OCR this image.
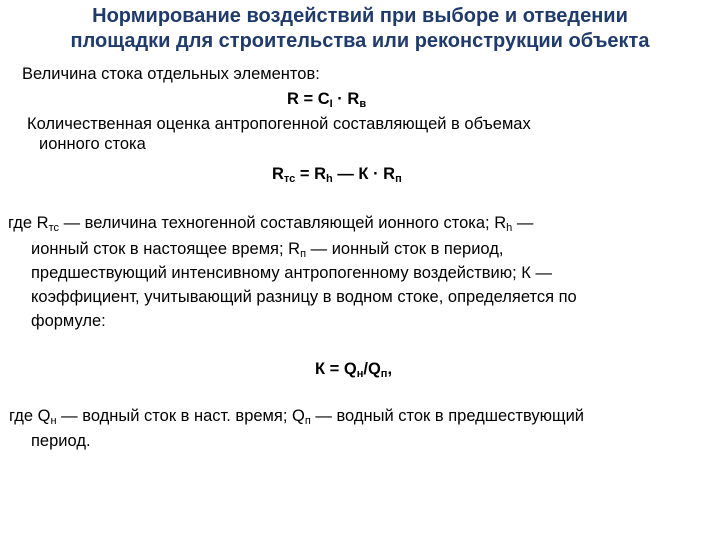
Нормирование воздействий при выборе и отведении
площадки для строительства или реконструкции объекта
Величина стока отдельных элементов:
$R = C_I \cdot R_в$
Количественная оценка антропогенной составляющей в объемах
ионного стока
$R_{тс} = R_h$ — $К \cdot R_п$
где $R_{тс}$ — величина техногенной составляющей ионного стока; $R_h$ —
ионный сток в настоящее время; $R_п$ — ионный сток в период,
предшествующий интенсивному антропогенному воздействию; К —
коэффициент, учитывающий разницу в водном стоке, определяется по
формуле:
$К = Q_н/Q_п$,
где $Q_н$ — водный сток в наст. время; $Q_п$ — водный сток в предшествующий
период.
